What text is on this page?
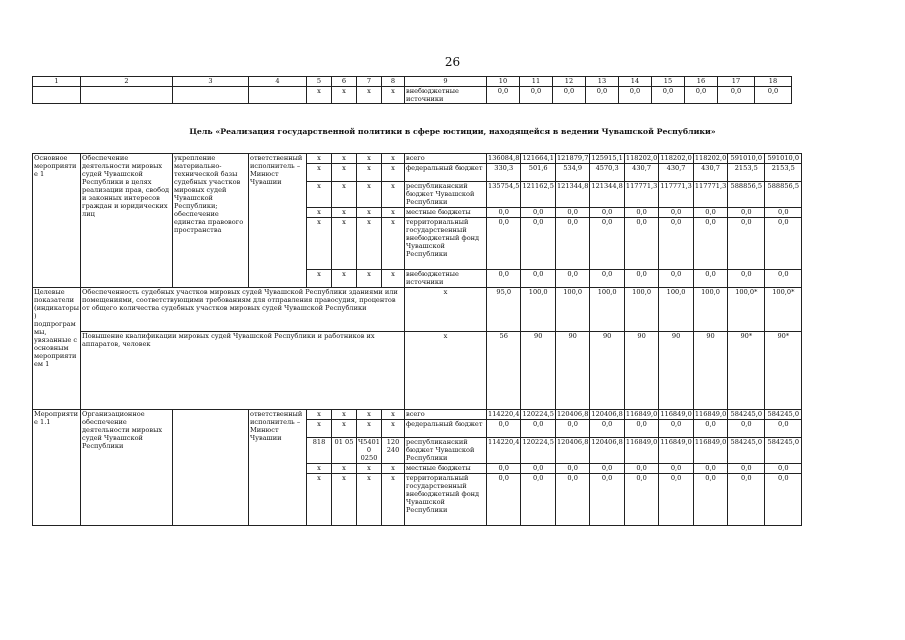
26
1	2	3	4	5	6	7	8	9	10	11	12	13	14	15	16	17	18
				x	x	x	x	внебюджетные источники	0,0	0,0	0,0	0,0	0,0	0,0	0,0	0,0	0,0
Цель «Реализация государственной политики в сфере юстиции, находящейся в ведении Чувашской Республики»
Основное мероприятие 1	Обеспечение деятельности мировых судей Чувашской Республики в целях реализации прав, свобод и законных интересов граждан и юридических лиц	укрепление материально-технической базы судебных участков мировых судей Чувашской Республики; обеспечение единства правового пространства	ответственный исполнитель – Минюст Чувашии	x	x	x	x	всего	136084,8	121664,1	121879,7	125915,1	118202,0	118202,0	118202,0	591010,0	591010,0
				x	x	x	x	федеральный бюджет	330,3	501,6	534,9	4570,3	430,7	430,7	430,7	2153,5	2153,5
				x	x	x	x	республиканский бюджет Чувашской Республики	135754,5	121162,5	121344,8	121344,8	117771,3	117771,3	117771,3	588856,5	588856,5
				x	x	x	x	местные бюджеты	0,0	0,0	0,0	0,0	0,0	0,0	0,0	0,0	0,0
				x	x	x	x	территориальный государственный внебюджетный фонд Чувашской Республики	0,0	0,0	0,0	0,0	0,0	0,0	0,0	0,0	0,0
				x	x	x	x	внебюджетные источники	0,0	0,0	0,0	0,0	0,0	0,0	0,0	0,0	0,0
Целевые показатели (индикаторы) подпрограммы, увязанные с основным мероприятием 1	Обеспеченность судебных участков мировых судей Чувашской Республики зданиями или помещениями, соответствующими требованиям для отправления правосудия, процентов от общего количества судебных участков мировых судей Чувашской Республики							x	95,0	100,0	100,0	100,0	100,0	100,0	100,0	100,0*	100,0*
	Повышение квалификации мировых судей Чувашской Республики и работников их аппаратов, человек							x	56	90	90	90	90	90	90	90*	90*
Мероприятие 1.1	Организационное обеспечение деятельности мировых судей Чувашской Республики		ответственный исполнитель – Минюст Чувашии	x	x	x	x	всего	114220,4	120224,5	120406,8	120406,8	116849,0	116849,0	116849,0	584245,0	584245,0
				x	x	x	x	федеральный бюджет	0,0	0,0	0,0	0,0	0,0	0,0	0,0	0,0	0,0
				818	01 05	Ч54010 0250	120 240	республиканский бюджет Чувашской Республики	114220,4	120224,5	120406,8	120406,8	116849,0	116849,0	116849,0	584245,0	584245,0
				x	x	x	x	местные бюджеты	0,0	0,0	0,0	0,0	0,0	0,0	0,0	0,0	0,0
				x	x	x	x	территориальный государственный внебюджетный фонд Чувашской Республики	0,0	0,0	0,0	0,0	0,0	0,0	0,0	0,0	0,0
